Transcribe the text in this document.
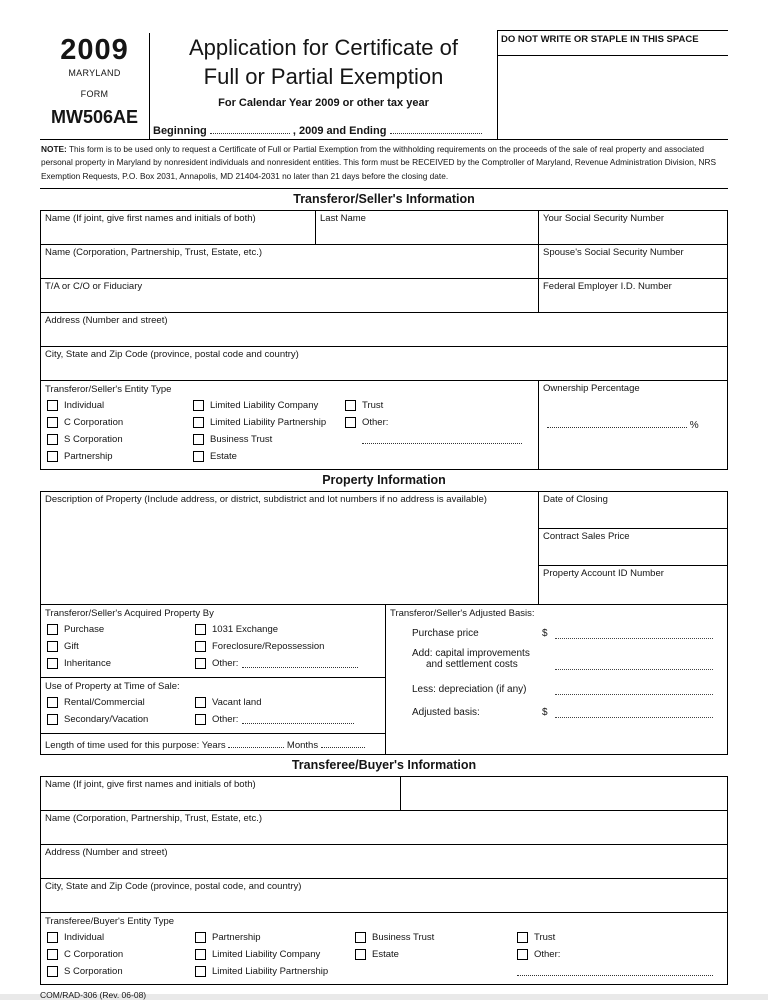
2009
MARYLAND
FORM
MW506AE
Application for Certificate of
Full or Partial Exemption
For Calendar Year 2009 or other tax year
Beginning	, 2009 and Ending
DO NOT WRITE OR STAPLE IN THIS SPACE
NOTE: This form is to be used only to request a Certificate of Full or Partial Exemption from the withholding requirements on the proceeds of the sale of real property and associated personal property in Maryland by nonresident individuals and nonresident entities. This form must be RECEIVED by the Comptroller of Maryland, Revenue Administration Division, NRS Exemption Requests, P.O. Box 2031, Annapolis, MD 21404-2031 no later than 21 days before the closing date.
Transferor/Seller's Information
Name (If joint, give first names and initials of both)	Last Name	Your Social Security Number
Name (Corporation, Partnership, Trust, Estate, etc.)	Spouse's Social Security Number
T/A or C/O or Fiduciary	Federal Employer I.D. Number
Address (Number and street)
City, State and Zip Code (province, postal code and country)
Transferor/Seller's Entity Type
Individual	Limited Liability Company	Trust
C Corporation	Limited Liability Partnership	Other:
S Corporation	Business Trust
Partnership	Estate
Ownership Percentage
%
Property Information
Description of Property (Include address, or district, subdistrict and lot numbers if no address is available)	Date of Closing
Contract Sales Price
Property Account ID Number
Transferor/Seller's Acquired Property By
Purchase	1031 Exchange
Gift	Foreclosure/Repossession
Inheritance	Other:
Use of Property at Time of Sale:
Rental/Commercial	Vacant land
Secondary/Vacation	Other:
Length of time used for this purpose: Years	Months
Transferor/Seller's Adjusted Basis:
Purchase price	$
Add: capital improvements
and settlement costs
Less: depreciation (if any)
Adjusted basis:	$
Transferee/Buyer's Information
Name (If joint, give first names and initials of both)
Name (Corporation, Partnership, Trust, Estate, etc.)
Address (Number and street)
City, State and Zip Code (province, postal code, and country)
Transferee/Buyer's Entity Type
Individual	Partnership	Business Trust	Trust
C Corporation	Limited Liability Company	Estate	Other:
S Corporation	Limited Liability Partnership
COM/RAD-306 (Rev. 06-08)
